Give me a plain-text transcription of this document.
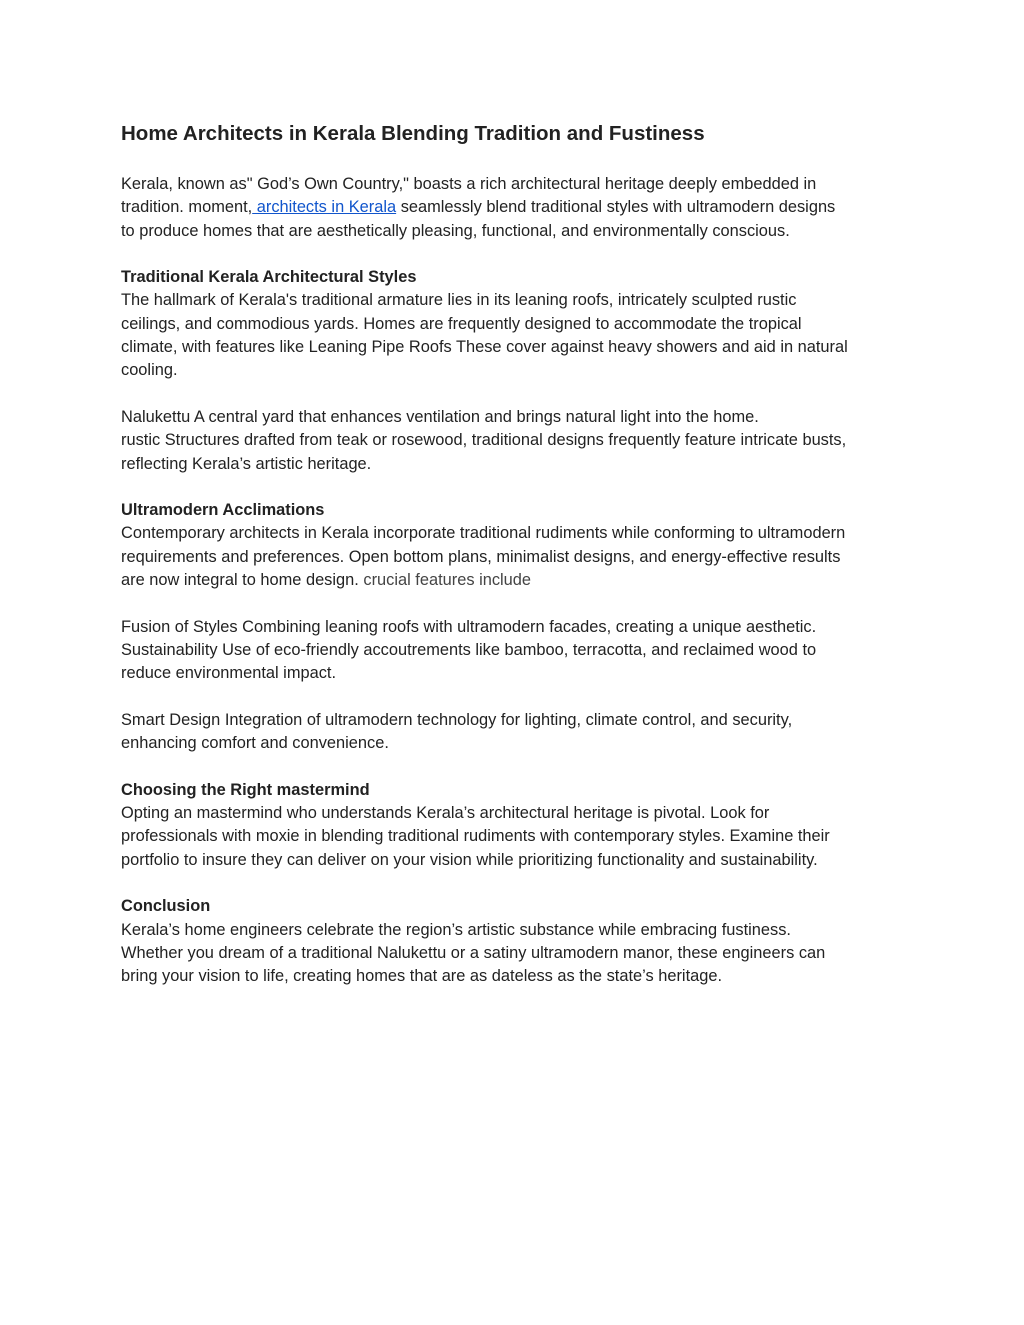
Home Architects in Kerala Blending Tradition and Fustiness

Kerala, known as" God’s Own Country," boasts a rich architectural heritage deeply embedded in

tradition. moment, architects in Kerala seamlessly blend traditional styles with ultramodern designs

to produce homes that are aesthetically pleasing, functional, and environmentally conscious.

Traditional Kerala Architectural Styles

The hallmark of Kerala's traditional armature lies in its leaning roofs, intricately sculpted rustic

ceilings, and commodious yards. Homes are frequently designed to accommodate the tropical

climate, with features like Leaning Pipe Roofs These cover against heavy showers and aid in natural

cooling.

Nalukettu A central yard that enhances ventilation and brings natural light into the home.

rustic Structures drafted from teak or rosewood, traditional designs frequently feature intricate busts,

reflecting Kerala’s artistic heritage.

Ultramodern Acclimations

Contemporary architects in Kerala incorporate traditional rudiments while conforming to ultramodern

requirements and preferences. Open bottom plans, minimalist designs, and energy-effective results

are now integral to home design. crucial features include

Fusion of Styles Combining leaning roofs with ultramodern facades, creating a unique aesthetic.

Sustainability Use of eco-friendly accoutrements like bamboo, terracotta, and reclaimed wood to

reduce environmental impact.

Smart Design Integration of ultramodern technology for lighting, climate control, and security,

enhancing comfort and convenience.

Choosing the Right mastermind

Opting an mastermind who understands Kerala’s architectural heritage is pivotal. Look for

professionals with moxie in blending traditional rudiments with contemporary styles. Examine their

portfolio to insure they can deliver on your vision while prioritizing functionality and sustainability.

Conclusion

Kerala’s home engineers celebrate the region’s artistic substance while embracing fustiness.

Whether you dream of a traditional Nalukettu or a satiny ultramodern manor, these engineers can

bring your vision to life, creating homes that are as dateless as the state’s heritage.
